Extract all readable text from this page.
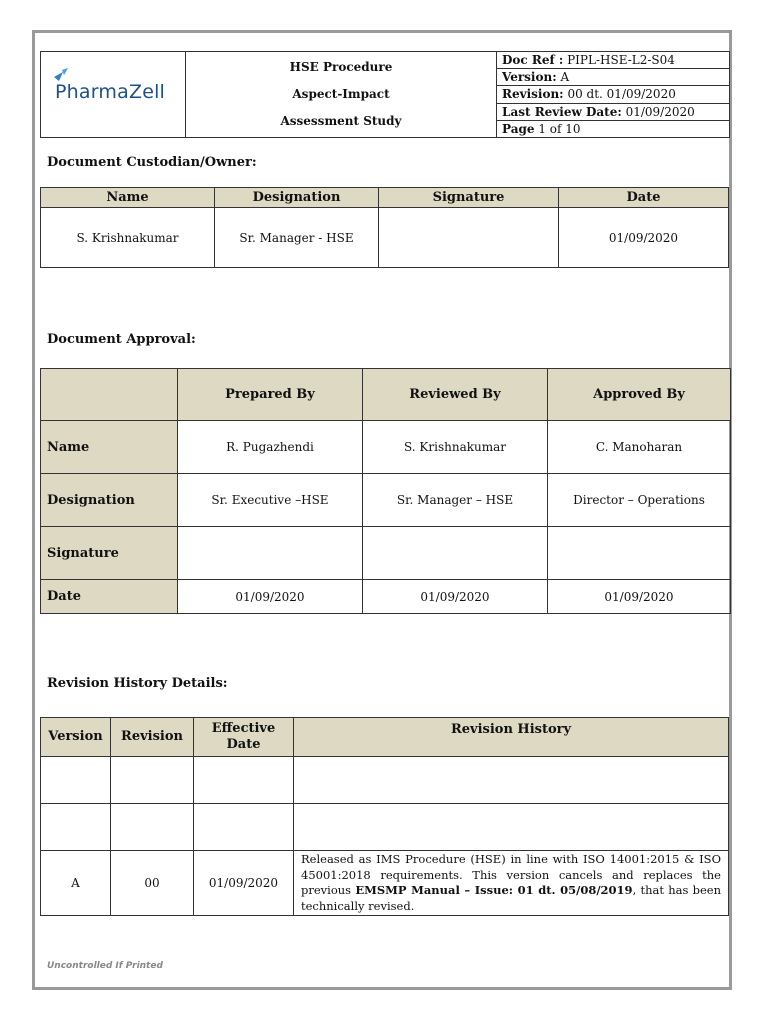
PharmaZell

HSE Procedure
Aspect-Impact
Assessment Study
	Doc Ref : PIPL-HSE-L2-S04
Version: A
Revision: 00 dt. 01/09/2020
Last Review Date: 01/09/2020
Page 1 of 10
Document Custodian/Owner:
Name	Designation	Signature	Date
S. Krishnakumar	Sr. Manager - HSE		01/09/2020
Document Approval:
	Prepared By	Reviewed By	Approved By
Name	R. Pugazhendi	S. Krishnakumar	C. Manoharan
Designation	Sr. Executive –HSE	Sr. Manager – HSE	Director – Operations
Signature			
Date	01/09/2020	01/09/2020	01/09/2020
Revision History Details:
Version	Revision	Effective Date	Revision History

A	00	01/09/2020	Released as IMS Procedure (HSE) in line with ISO 14001:2015 & ISO 45001:2018 requirements. This version cancels and replaces the previous EMSMP Manual – Issue: 01 dt. 05/08/2019, that has been technically revised.
Uncontrolled If Printed
